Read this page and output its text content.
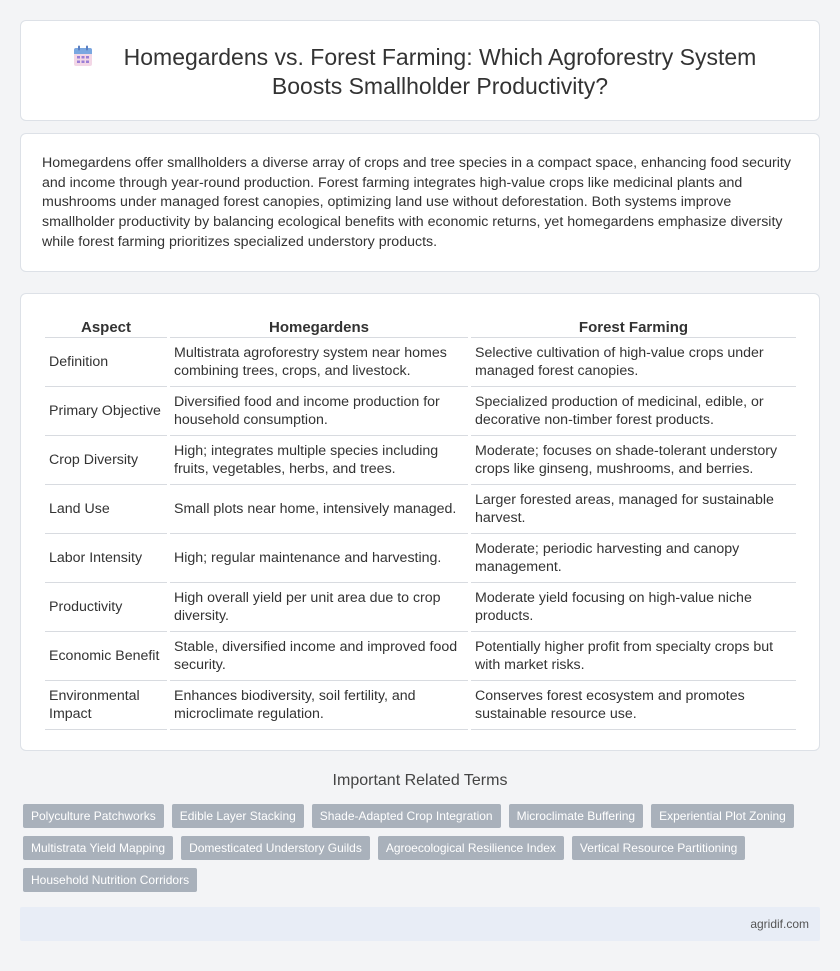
Homegardens vs. Forest Farming: Which Agroforestry System Boosts Smallholder Productivity?

Homegardens offer smallholders a diverse array of crops and tree species in a compact space, enhancing food security and income through year-round production. Forest farming integrates high-value crops like medicinal plants and mushrooms under managed forest canopies, optimizing land use without deforestation. Both systems improve smallholder productivity by balancing ecological benefits with economic returns, yet homegardens emphasize diversity while forest farming prioritizes specialized understory products.

Aspect	Homegardens	Forest Farming
Definition	Multistrata agroforestry system near homes combining trees, crops, and livestock.	Selective cultivation of high-value crops under managed forest canopies.
Primary Objective	Diversified food and income production for household consumption.	Specialized production of medicinal, edible, or decorative non-timber forest products.
Crop Diversity	High; integrates multiple species including fruits, vegetables, herbs, and trees.	Moderate; focuses on shade-tolerant understory crops like ginseng, mushrooms, and berries.
Land Use	Small plots near home, intensively managed.	Larger forested areas, managed for sustainable harvest.
Labor Intensity	High; regular maintenance and harvesting.	Moderate; periodic harvesting and canopy management.
Productivity	High overall yield per unit area due to crop diversity.	Moderate yield focusing on high-value niche products.
Economic Benefit	Stable, diversified income and improved food security.	Potentially higher profit from specialty crops but with market risks.
Environmental Impact	Enhances biodiversity, soil fertility, and microclimate regulation.	Conserves forest ecosystem and promotes sustainable resource use.
Important Related Terms
Polyculture Patchworks	Edible Layer Stacking	Shade-Adapted Crop Integration	Microclimate Buffering	Experiential Plot Zoning
Multistrata Yield Mapping	Domesticated Understory Guilds	Agroecological Resilience Index	Vertical Resource Partitioning
Household Nutrition Corridors
agridif.com
